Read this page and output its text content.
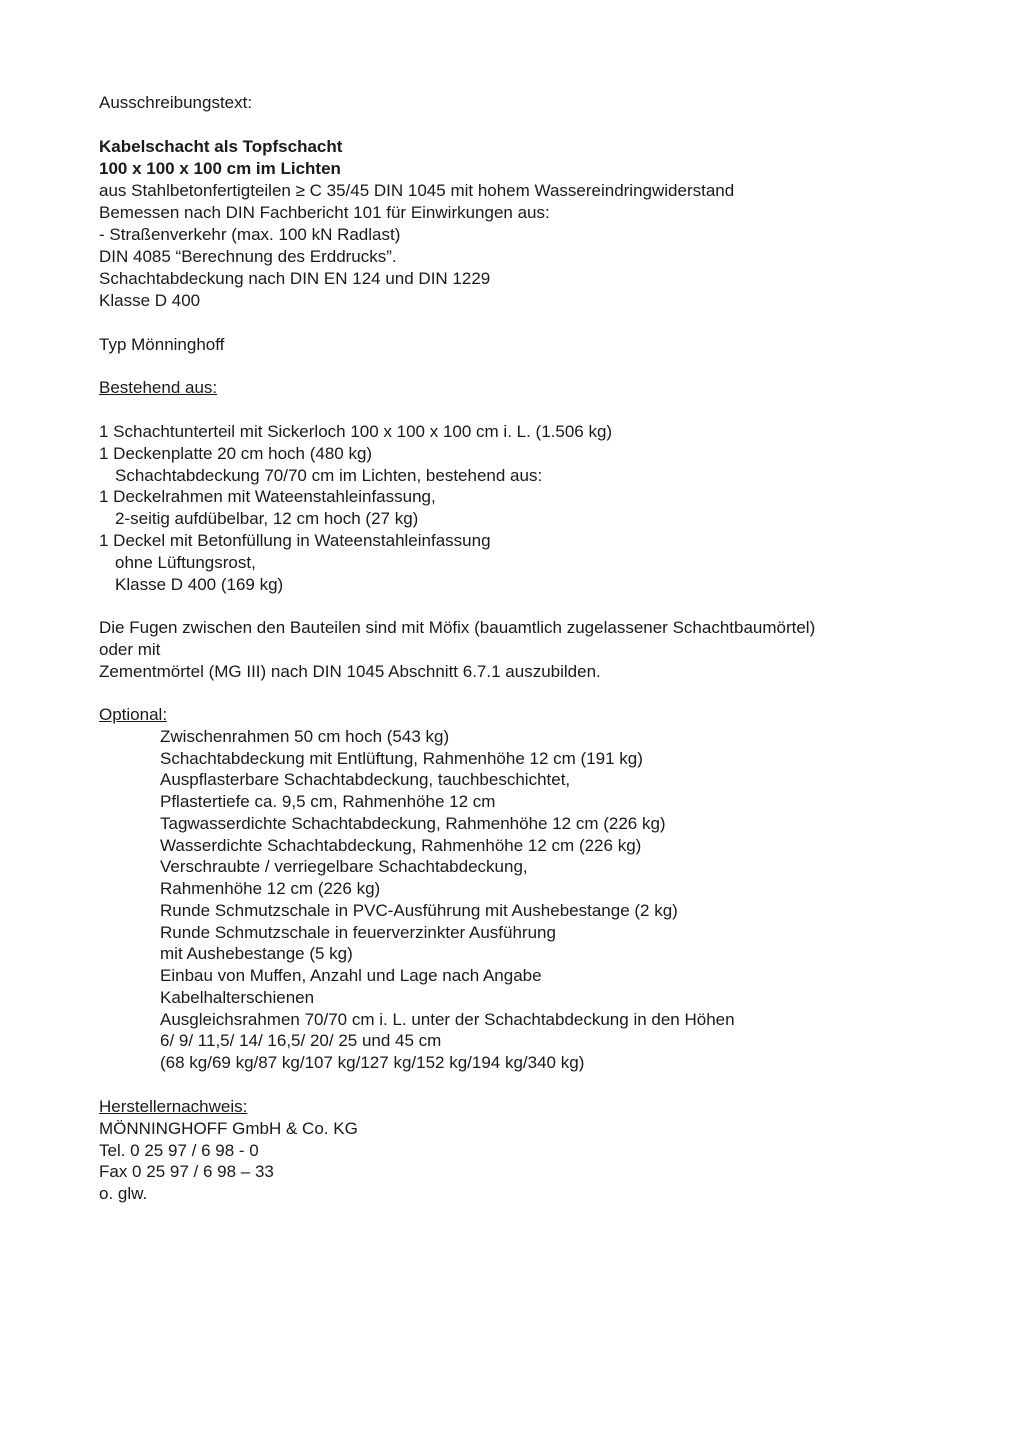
Ausschreibungstext:

Kabelschacht als Topfschacht

100 x 100 x 100 cm im Lichten

aus Stahlbetonfertigteilen ≥ C 35/45 DIN 1045 mit hohem Wassereindringwiderstand

Bemessen nach DIN Fachbericht 101 für Einwirkungen aus:

- Straßenverkehr (max. 100 kN Radlast)

DIN 4085 “Berechnung des Erddrucks”.

Schachtabdeckung nach DIN EN 124 und DIN 1229

Klasse D 400

Typ Mönninghoff

Bestehend aus:

1 Schachtunterteil mit Sickerloch 100 x 100 x 100 cm i. L. (1.506 kg)

1 Deckenplatte 20 cm hoch (480 kg)

Schachtabdeckung 70/70 cm im Lichten, bestehend aus:

1 Deckelrahmen mit Wateenstahleinfassung,

2-seitig aufdübelbar, 12 cm hoch (27 kg)

1 Deckel mit Betonfüllung in Wateenstahleinfassung

ohne Lüftungsrost,

Klasse D 400 (169 kg)

Die Fugen zwischen den Bauteilen sind mit Möfix (bauamtlich zugelassener Schachtbaumörtel)

oder mit

Zementmörtel (MG III) nach DIN 1045 Abschnitt 6.7.1 auszubilden.

Optional:

Zwischenrahmen 50 cm hoch (543 kg)

Schachtabdeckung mit Entlüftung, Rahmenhöhe 12 cm (191 kg)

Auspflasterbare Schachtabdeckung, tauchbeschichtet,

Pflastertiefe ca. 9,5 cm, Rahmenhöhe 12 cm

Tagwasserdichte Schachtabdeckung, Rahmenhöhe 12 cm (226 kg)

Wasserdichte Schachtabdeckung, Rahmenhöhe 12 cm (226 kg)

Verschraubte / verriegelbare Schachtabdeckung,

Rahmenhöhe 12 cm (226 kg)

Runde Schmutzschale in PVC-Ausführung mit Aushebestange (2 kg)

Runde Schmutzschale in feuerverzinkter Ausführung

mit Aushebestange (5 kg)

Einbau von Muffen, Anzahl und Lage nach Angabe

Kabelhalterschienen

Ausgleichsrahmen 70/70 cm i. L. unter der Schachtabdeckung in den Höhen

6/ 9/ 11,5/ 14/ 16,5/ 20/ 25 und 45 cm

(68 kg/69 kg/87 kg/107 kg/127 kg/152 kg/194 kg/340 kg)

Herstellernachweis:

MÖNNINGHOFF GmbH & Co. KG

Tel. 0 25 97 / 6 98 - 0

Fax 0 25 97 / 6 98 – 33

o. glw.
